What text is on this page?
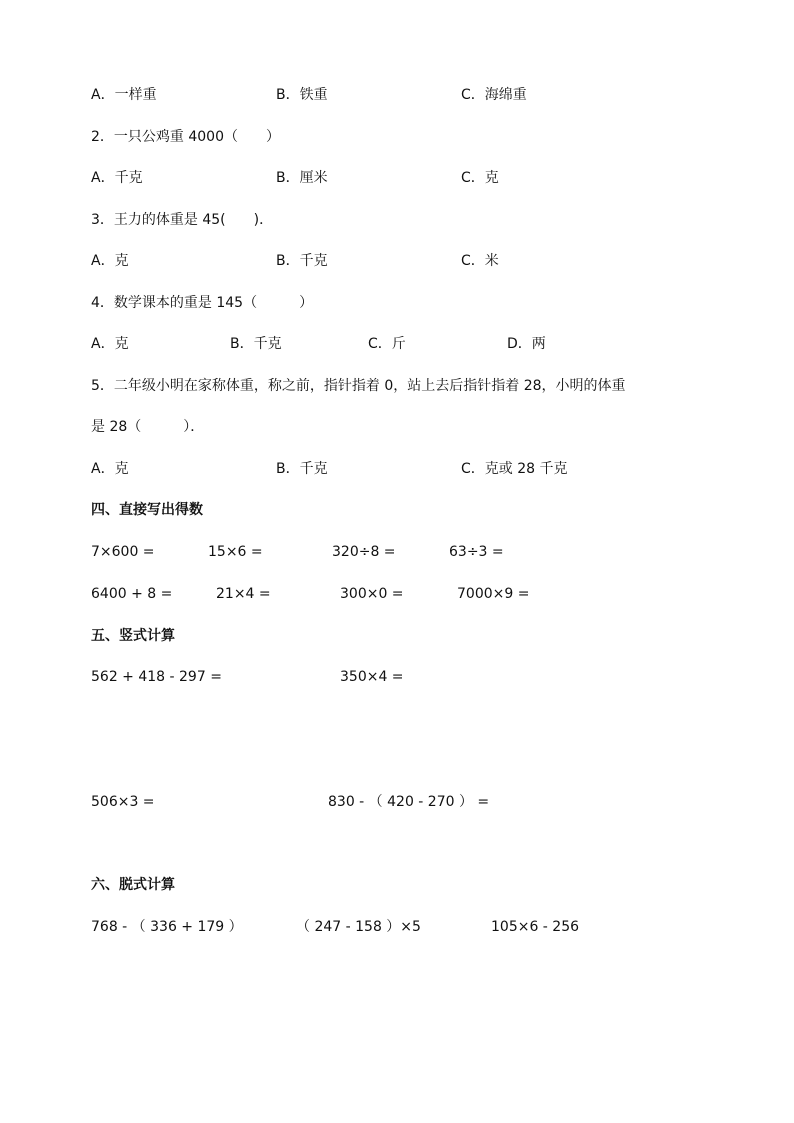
A．一样重	B．铁重	C．海绵重
2．一只公鸡重 4000（　　）
A．千克	B．厘米	C．克
3．王力的体重是 45(　　)．
A．克	B．千克	C．米
4．数学课本的重是 145（　　　）
A．克	B．千克	C．斤	D．两
5．二年级小明在家称体重，称之前，指针指着 0，站上去后指针指着 28，小明的体重
是 28（　　　）．
A．克	B．千克	C．克或 28 千克
四、直接写出得数
7×600 =	15×6 =	320÷8 =	63÷3 =
6400 + 8 =	21×4 =	300×0 =	7000×9 =
五、竖式计算
562 + 418 - 297 =	350×4 =
506×3 =	830 - （ 420 - 270 ） =
六、脱式计算
768 - （ 336 + 179 ）	（ 247 - 158 ）×5	105×6 - 256
